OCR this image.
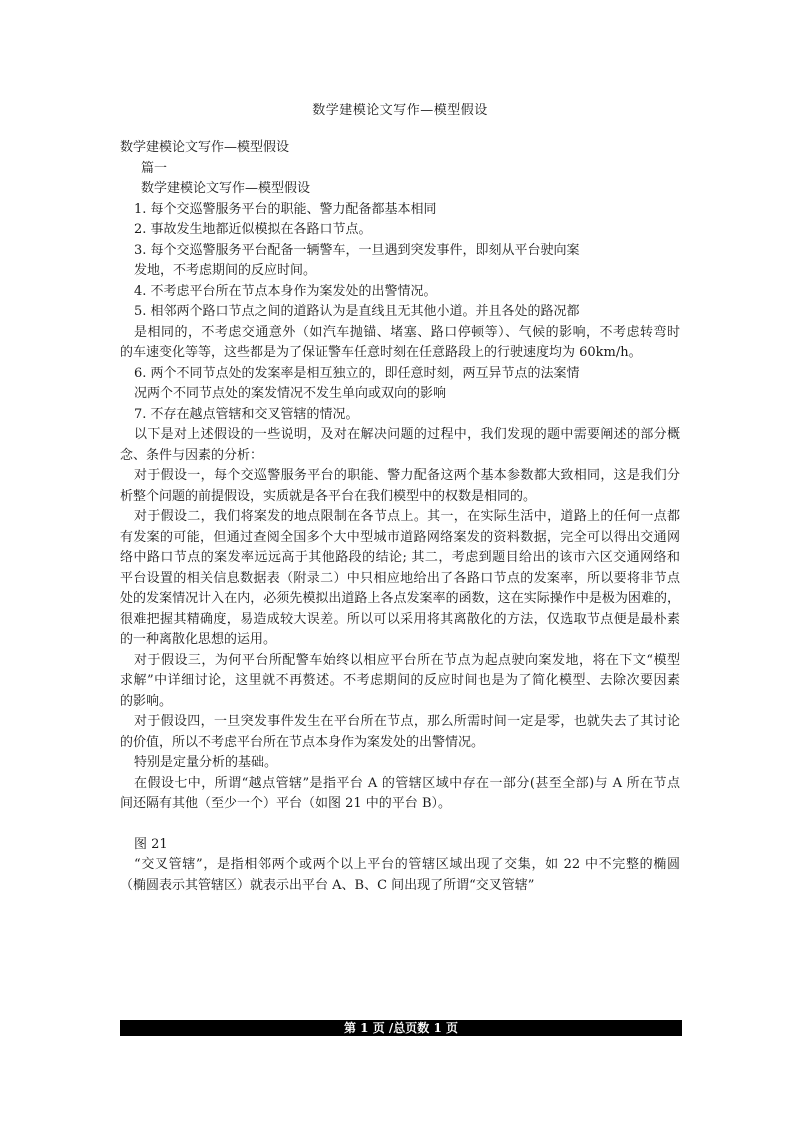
数学建模论文写作—模型假设
数学建模论文写作—模型假设
篇一
数学建模论文写作—模型假设
1. 每个交巡警服务平台的职能、警力配备都基本相同
2. 事故发生地都近似模拟在各路口节点。
3. 每个交巡警服务平台配备一辆警车，一旦遇到突发事件，即刻从平台驶向案
发地，不考虑期间的反应时间。
4. 不考虑平台所在节点本身作为案发处的出警情况。
5. 相邻两个路口节点之间的道路认为是直线且无其他小道。并且各处的路况都
是相同的，不考虑交通意外（如汽车抛锚、堵塞、路口停顿等）、气候的影响，不考虑转弯时
的车速变化等等，这些都是为了保证警车任意时刻在任意路段上的行驶速度均为 60km/h。
6. 两个不同节点处的发案率是相互独立的，即任意时刻，两互异节点的法案情
况两个不同节点处的案发情况不发生单向或双向的影响
7. 不存在越点管辖和交叉管辖的情况。
以下是对上述假设的一些说明，及对在解决问题的过程中，我们发现的题中需要阐述的部分概
念、条件与因素的分析：
对于假设一，每个交巡警服务平台的职能、警力配备这两个基本参数都大致相同，这是我们分
析整个问题的前提假设，实质就是各平台在我们模型中的权数是相同的。
对于假设二，我们将案发的地点限制在各节点上。其一，在实际生活中，道路上的任何一点都
有发案的可能，但通过查阅全国多个大中型城市道路网络案发的资料数据，完全可以得出交通网
络中路口节点的案发率远远高于其他路段的结论; 其二，考虑到题目给出的该市六区交通网络和
平台设置的相关信息数据表（附录二）中只相应地给出了各路口节点的发案率，所以要将非节点
处的发案情况计入在内，必须先模拟出道路上各点发案率的函数，这在实际操作中是极为困难的，
很难把握其精确度，易造成较大误差。所以可以采用将其离散化的方法，仅选取节点便是最朴素
的一种离散化思想的运用。
对于假设三，为何平台所配警车始终以相应平台所在节点为起点驶向案发地，将在下文“模型
求解”中详细讨论，这里就不再赘述。不考虑期间的反应时间也是为了简化模型、去除次要因素
的影响。
对于假设四，一旦突发事件发生在平台所在节点，那么所需时间一定是零，也就失去了其讨论
的价值，所以不考虑平台所在节点本身作为案发处的出警情况。
特别是定量分析的基础。
在假设七中，所谓“越点管辖”是指平台 A 的管辖区域中存在一部分(甚至全部)与 A 所在节点
间还隔有其他（至少一个）平台（如图 21 中的平台 B）。
图 21
“交叉管辖”，是指相邻两个或两个以上平台的管辖区域出现了交集，如 22 中不完整的椭圆
（椭圆表示其管辖区）就表示出平台 A、B、C 间出现了所谓“交叉管辖”
第 1 页 /总页数 1 页
